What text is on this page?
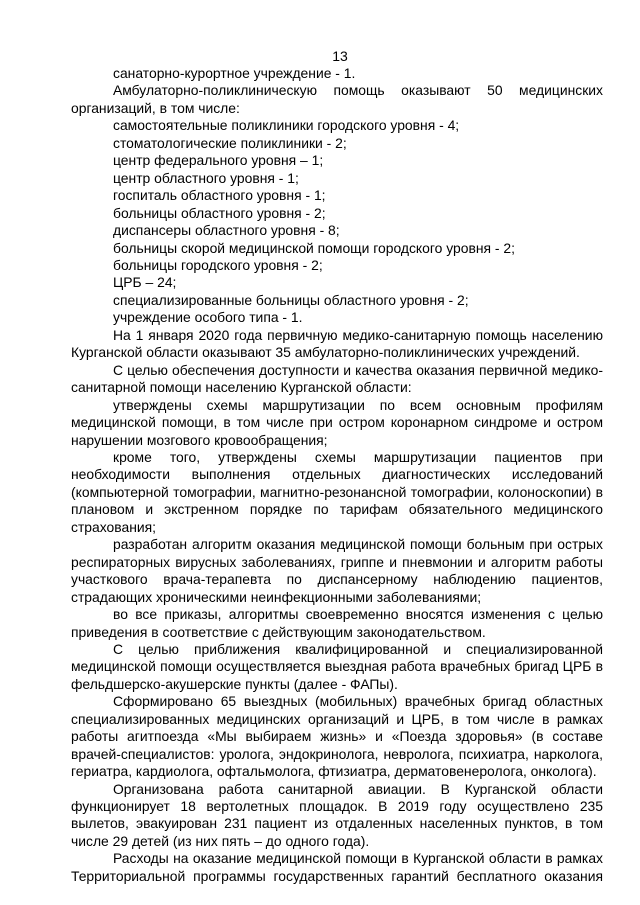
13

санаторно-курортное учреждение - 1.

Амбулаторно-поликлиническую помощь оказывают 50 медицинских организаций, в том числе:

самостоятельные поликлиники городского уровня - 4;

стоматологические поликлиники - 2;

центр федерального уровня – 1;

центр областного уровня - 1;

госпиталь областного уровня - 1;

больницы областного уровня - 2;

диспансеры областного уровня - 8;

больницы скорой медицинской помощи городского уровня - 2;

больницы городского уровня - 2;

ЦРБ – 24;

специализированные больницы областного уровня - 2;

учреждение особого типа - 1.

На 1 января 2020 года первичную медико-санитарную помощь населению Курганской области оказывают 35 амбулаторно-поликлинических учреждений.

С целью обеспечения доступности и качества оказания первичной медико-санитарной помощи населению Курганской области:

утверждены схемы маршрутизации по всем основным профилям медицинской помощи, в том числе при остром коронарном синдроме и остром нарушении мозгового кровообращения;

кроме того, утверждены схемы маршрутизации пациентов при необходимости выполнения отдельных диагностических исследований (компьютерной томографии, магнитно-резонансной томографии, колоноскопии) в плановом и экстренном порядке по тарифам обязательного медицинского страхования;

разработан алгоритм оказания медицинской помощи больным при острых респираторных вирусных заболеваниях, гриппе и пневмонии и алгоритм работы участкового врача-терапевта по диспансерному наблюдению пациентов, страдающих хроническими неинфекционными заболеваниями;

во все приказы, алгоритмы своевременно вносятся изменения с целью приведения в соответствие с действующим законодательством.

С целью приближения квалифицированной и специализированной медицинской помощи осуществляется выездная работа врачебных бригад ЦРБ в фельдшерско-акушерские пункты (далее - ФАПы).

Сформировано 65 выездных (мобильных) врачебных бригад областных специализированных медицинских организаций и ЦРБ, в том числе в рамках работы агитпоезда «Мы выбираем жизнь» и «Поезда здоровья» (в составе врачей-специалистов: уролога, эндокринолога, невролога, психиатра, нарколога, гериатра, кардиолога, офтальмолога, фтизиатра, дерматовенеролога, онколога).

Организована работа санитарной авиации. В Курганской области функционирует 18 вертолетных площадок. В 2019 году осуществлено 235 вылетов, эвакуирован 231 пациент из отдаленных населенных пунктов, в том числе 29 детей (из них пять – до одного года).

Расходы на оказание медицинской помощи в Курганской области в рамках Территориальной программы государственных гарантий бесплатного оказания
